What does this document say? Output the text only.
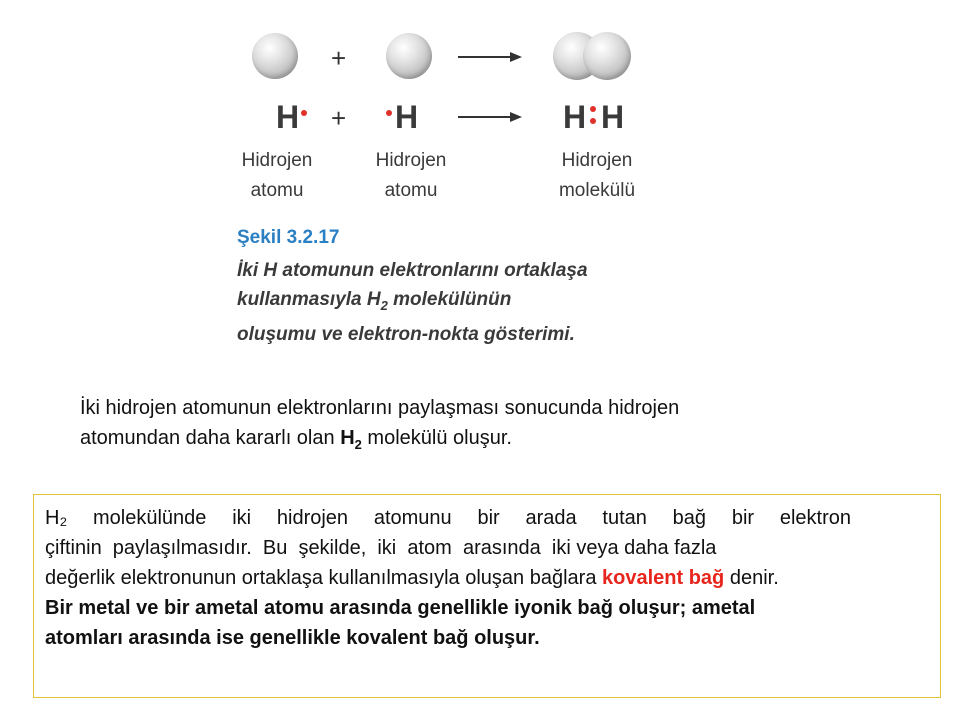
+
H + H	H H
Hidrojen
atomu
Hidrojen
atomu
Hidrojen
molekülü
Şekil 3.2.17
İki H atomunun elektronlarını ortaklaşa
kullanmasıyla $H_2$ molekülünün
oluşumu ve elektron-nokta gösterimi.
İki hidrojen atomunun elektronlarını paylaşması sonucunda hidrojen
atomundan daha kararlı olan $H_2$ molekülü oluşur.
H₂ molekülünde iki hidrojen atomunu bir arada tutan bağ bir elektron
çiftinin  paylaşılmasıdır.  Bu  şekilde,  iki  atom  arasında  iki veya daha fazla
değerlik elektronunun ortaklaşa kullanılmasıyla oluşan bağlara kovalent bağ denir.
Bir metal ve bir ametal atomu arasında genellikle iyonik bağ oluşur; ametal
atomları arasında ise genellikle kovalent bağ oluşur.
